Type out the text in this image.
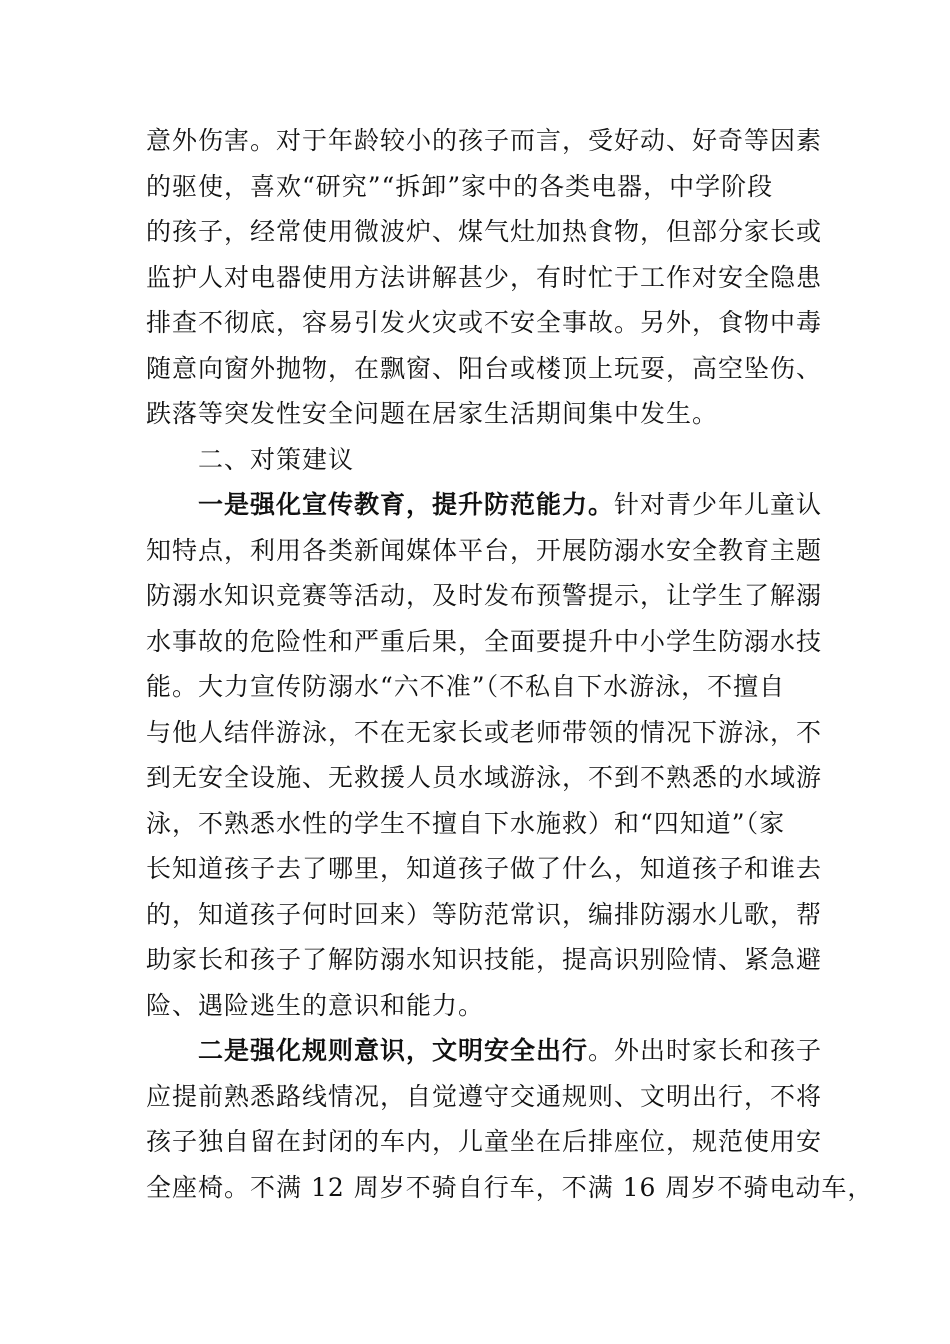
意外伤害。对于年龄较小的孩子而言，受好动、好奇等因素
的驱使，喜欢“研究”“拆卸”家中的各类电器，中学阶段
的孩子，经常使用微波炉、煤气灶加热食物，但部分家长或
监护人对电器使用方法讲解甚少，有时忙于工作对安全隐患
排查不彻底，容易引发火灾或不安全事故。另外，食物中毒
随意向窗外抛物，在飘窗、阳台或楼顶上玩耍，高空坠伤、
跌落等突发性安全问题在居家生活期间集中发生。
二、对策建议
一是强化宣传教育，提升防范能力。针对青少年儿童认
知特点，利用各类新闻媒体平台，开展防溺水安全教育主题
防溺水知识竞赛等活动，及时发布预警提示，让学生了解溺
水事故的危险性和严重后果，全面要提升中小学生防溺水技
能。大力宣传防溺水“六不准”（不私自下水游泳，不擅自
与他人结伴游泳，不在无家长或老师带领的情况下游泳，不
到无安全设施、无救援人员水域游泳，不到不熟悉的水域游
泳，不熟悉水性的学生不擅自下水施救）和“四知道”（家
长知道孩子去了哪里，知道孩子做了什么，知道孩子和谁去
的，知道孩子何时回来）等防范常识，编排防溺水儿歌，帮
助家长和孩子了解防溺水知识技能，提高识别险情、紧急避
险、遇险逃生的意识和能力。
二是强化规则意识，文明安全出行。外出时家长和孩子
应提前熟悉路线情况，自觉遵守交通规则、文明出行，不将
孩子独自留在封闭的车内，儿童坐在后排座位，规范使用安
全座椅。不满 12 周岁不骑自行车，不满 16 周岁不骑电动车，
